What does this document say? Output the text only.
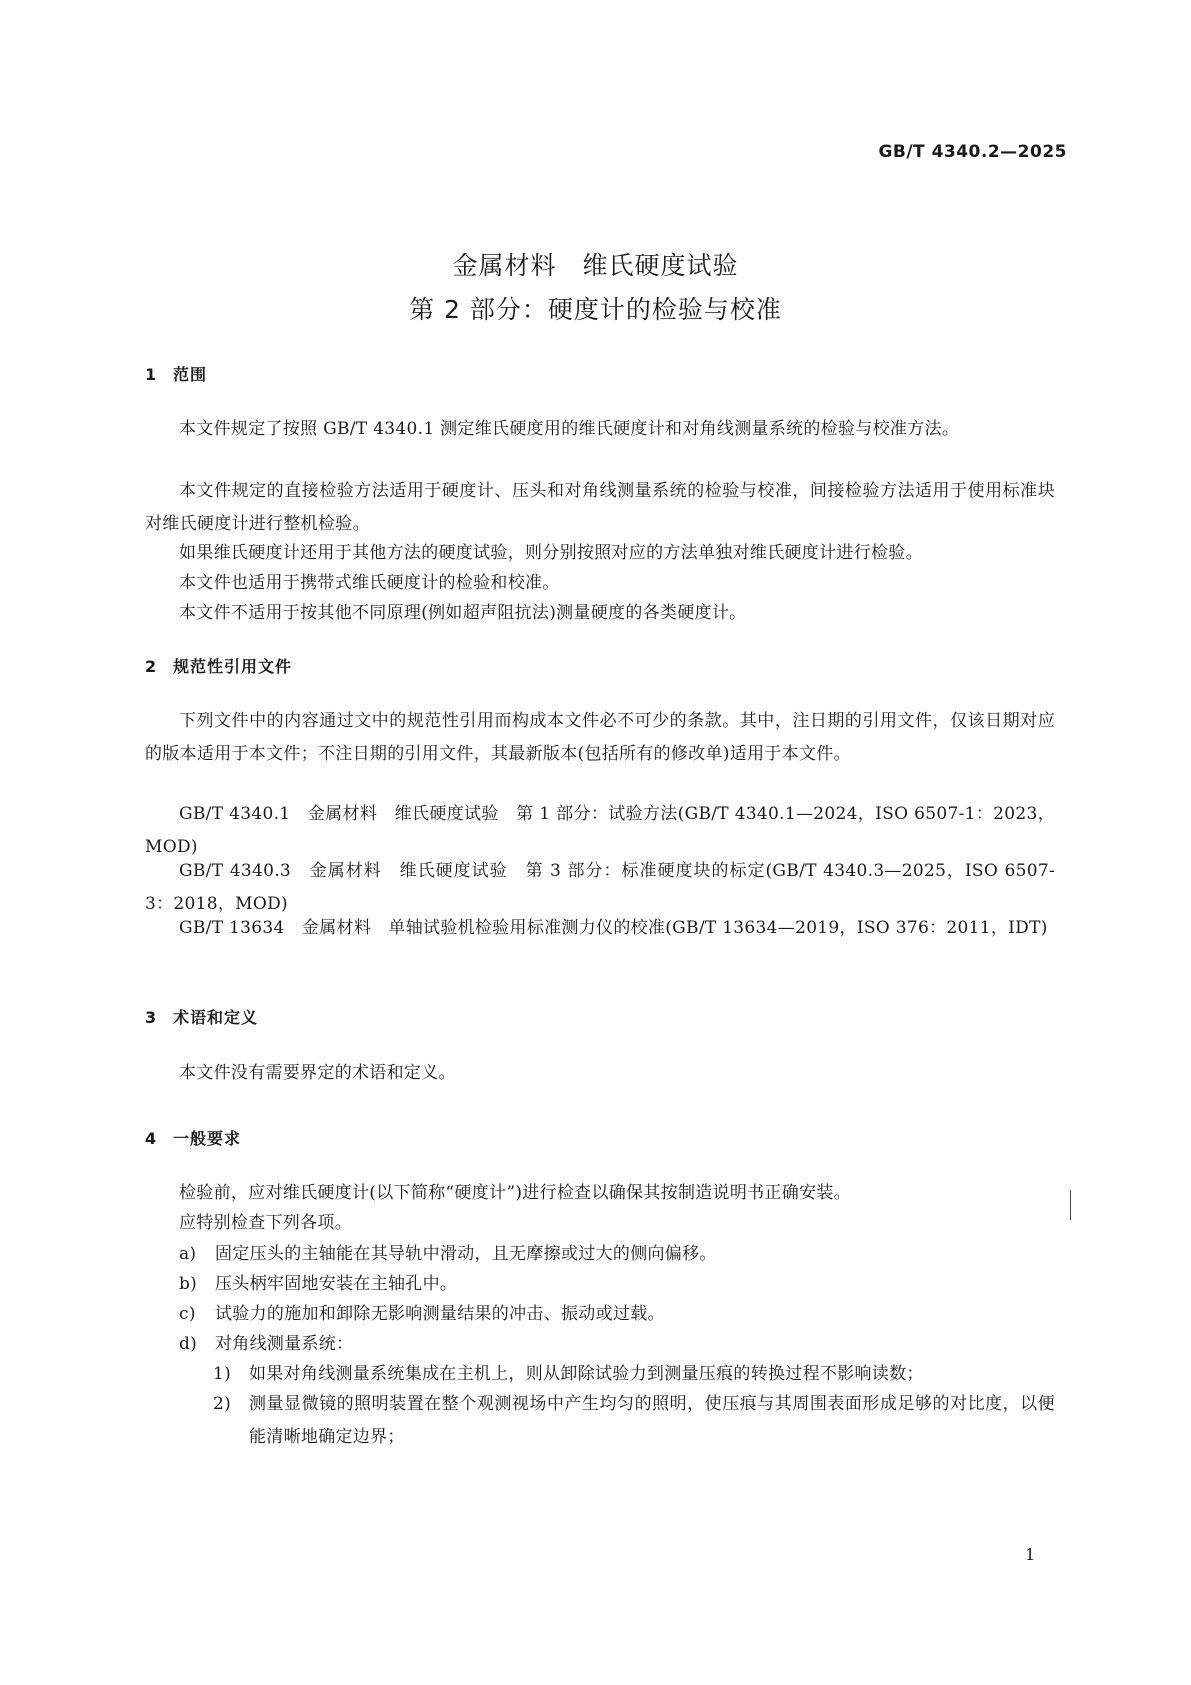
GB/T 4340.2—2025
金属材料　维氏硬度试验
第 2 部分：硬度计的检验与校准
1 范围
本文件规定了按照 GB/T 4340.1 测定维氏硬度用的维氏硬度计和对角线测量系统的检验与校准方法。
本文件规定的直接检验方法适用于硬度计、压头和对角线测量系统的检验与校准，间接检验方法适用于使用标准块对维氏硬度计进行整机检验。
如果维氏硬度计还用于其他方法的硬度试验，则分别按照对应的方法单独对维氏硬度计进行检验。
本文件也适用于携带式维氏硬度计的检验和校准。
本文件不适用于按其他不同原理(例如超声阻抗法)测量硬度的各类硬度计。
2 规范性引用文件
下列文件中的内容通过文中的规范性引用而构成本文件必不可少的条款。其中，注日期的引用文件，仅该日期对应的版本适用于本文件；不注日期的引用文件，其最新版本(包括所有的修改单)适用于本文件。
GB/T 4340.1　金属材料　维氏硬度试验　第 1 部分：试验方法(GB/T 4340.1—2024，ISO 6507-1：2023，MOD)
GB/T 4340.3　金属材料　维氏硬度试验　第 3 部分：标准硬度块的标定(GB/T 4340.3—2025，ISO 6507-3：2018，MOD)
GB/T 13634　金属材料　单轴试验机检验用标准测力仪的校准(GB/T 13634—2019，ISO 376：2011，IDT)
3 术语和定义
本文件没有需要界定的术语和定义。
4 一般要求
检验前，应对维氏硬度计(以下简称“硬度计”)进行检查以确保其按制造说明书正确安装。
应特别检查下列各项。
a) 固定压头的主轴能在其导轨中滑动，且无摩擦或过大的侧向偏移。
b) 压头柄牢固地安装在主轴孔中。
c) 试验力的施加和卸除无影响测量结果的冲击、振动或过载。
d) 对角线测量系统：
1) 如果对角线测量系统集成在主机上，则从卸除试验力到测量压痕的转换过程不影响读数；
2) 测量显微镜的照明装置在整个观测视场中产生均匀的照明，使压痕与其周围表面形成足够的对比度，以便能清晰地确定边界；
1
